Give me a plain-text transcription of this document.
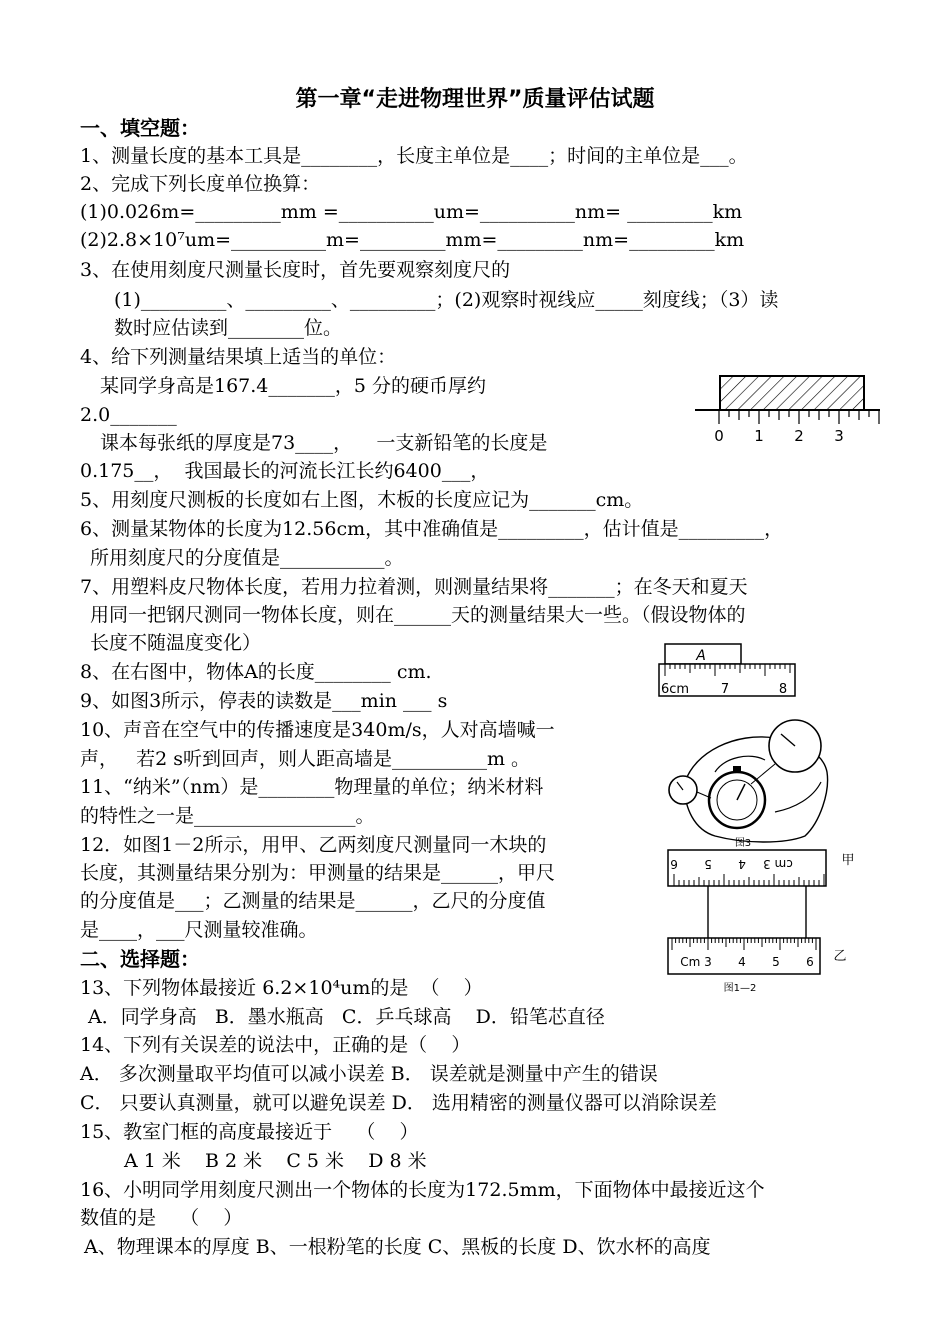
第一章“走进物理世界”质量评估试题
一、填空题：
1、测量长度的基本工具是________，长度主单位是____；时间的主单位是___。
2、完成下列长度单位换算：
(1)0.026m=_________mm =__________um=__________nm= _________km
(2)2.8×10⁷um=__________m=_________mm=_________nm=_________km
3、在使用刻度尺测量长度时，首先要观察刻度尺的
(1)_________、_________、_________；(2)观察时视线应_____刻度线；（3）读
数时应估读到________位。
4、给下列测量结果填上适当的单位：
某同学身高是167.4_______，5 分的硬币厚约
2.0_______
课本每张纸的厚度是73____，    一支新铅笔的长度是
0.175__，  我国最长的河流长江长约6400___，
5、用刻度尺测板的长度如右上图，木板的长度应记为_______cm。
6、测量某物体的长度为12.56cm，其中准确值是_________，估计值是_________，
所用刻度尺的分度值是___________。
7、用塑料皮尺物体长度，若用力拉着测，则测量结果将_______；在冬天和夏天
用同一把钢尺测同一物体长度，则在______天的测量结果大一些。（假设物体的
长度不随温度变化）
8、在右图中，物体A的长度________ cm.
9、如图3所示，停表的读数是___min ___ s
10、声音在空气中的传播速度是340m/s，人对高墙喊一
声，   若2 s听到回声，则人距高墙是__________m 。
11、“纳米”（nm）是________物理量的单位；纳米材料
的特性之一是_________________。
12．如图1－2所示，用甲、乙两刻度尺测量同一木块的
长度，其测量结果分别为：甲测量的结果是______，甲尺
的分度值是___；乙测量的结果是______，乙尺的分度值
是____，___尺测量较准确。
二、选择题：
13、下列物体最接近 6.2×10⁴um的是  （    ）
A．同学身高   B．墨水瓶高   C．乒乓球高    D．铅笔芯直径
14、下列有关误差的说法中，正确的是（    ）
A． 多次测量取平均值可以减小误差 B． 误差就是测量中产生的错误
C． 只要认真测量，就可以避免误差 D． 选用精密的测量仪器可以消除误差
15、教室门框的高度最接近于    （    ）
A 1 米    B 2 米    C 5 米    D 8 米
16、小明同学用刻度尺测出一个物体的长度为172.5mm，下面物体中最接近这个
数值的是    （    ）
A、物理课本的厚度 B、一根粉笔的长度 C、黑板的长度 D、饮水杯的高度
0 1 2 3
A
6cm 7	8
图3
6 5 4 cm 3	甲
Cm 3 4 5 6 乙
图1—2
